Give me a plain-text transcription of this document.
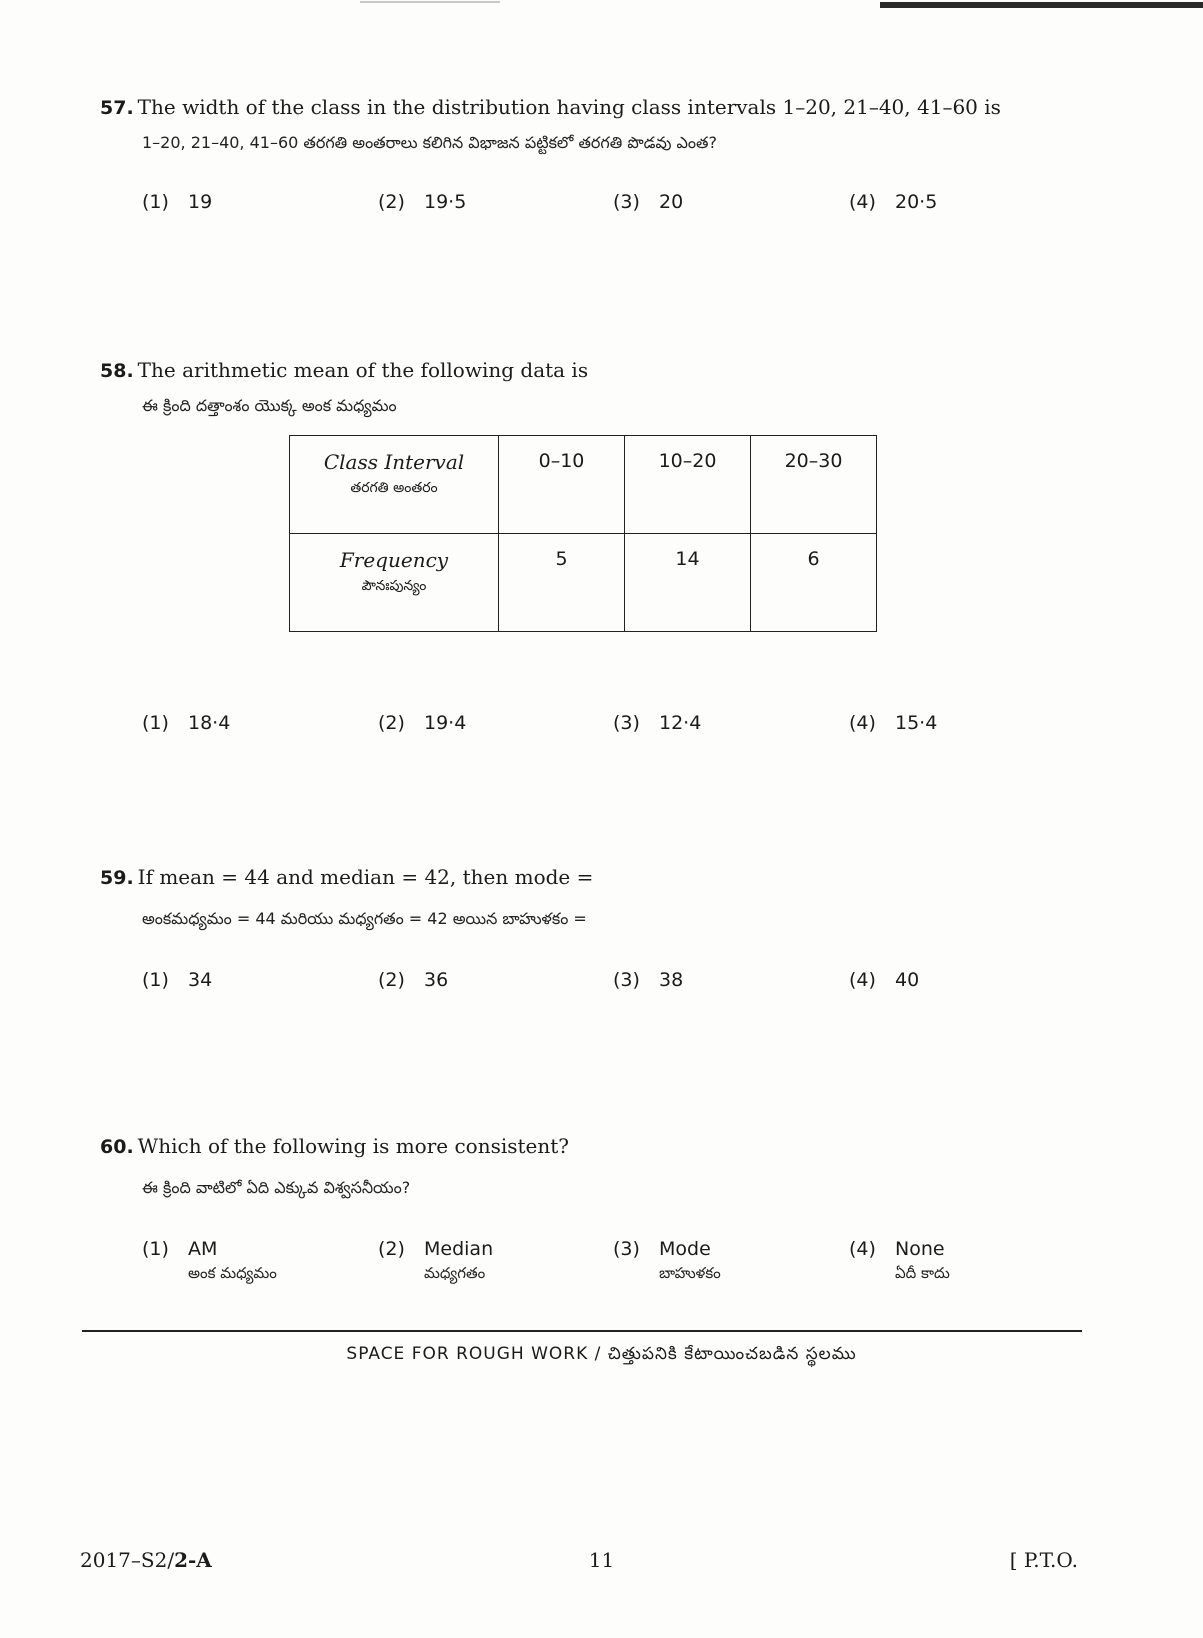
57. The width of the class in the distribution having class intervals 1–20, 21–40, 41–60 is
1–20, 21–40, 41–60 తరగతి అంతరాలు కలిగిన విభాజన పట్టికలో తరగతి పొడవు ఎంత?
(1) 19	(2) 19·5	(3) 20	(4) 20·5
58. The arithmetic mean of the following data is
ఈ క్రింది దత్తాంశం యొక్క అంక మధ్యమం
Class Interval
తరగతి అంతరం	0–10	10–20	20–30

Frequency
పౌనఃపున్యం	5	14	6
(1) 18·4	(2) 19·4	(3) 12·4	(4) 15·4
59. If mean = 44 and median = 42, then mode =
అంకమధ్యమం = 44 మరియు మధ్యగతం = 42 అయిన బాహుళకం =
(1) 34	(2) 36	(3) 38	(4) 40
60. Which of the following is more consistent?
ఈ క్రింది వాటిలో ఏది ఎక్కువ విశ్వసనీయం?
(1) AM
అంక మధ్యమం
(2) Median
మధ్యగతం
(3) Mode
బాహుళకం
(4) None
ఏదీ కాదు
SPACE FOR ROUGH WORK / చిత్తుపనికి కేటాయించబడిన స్థలము
2017–S2/2-A	11	[ P.T.O.
